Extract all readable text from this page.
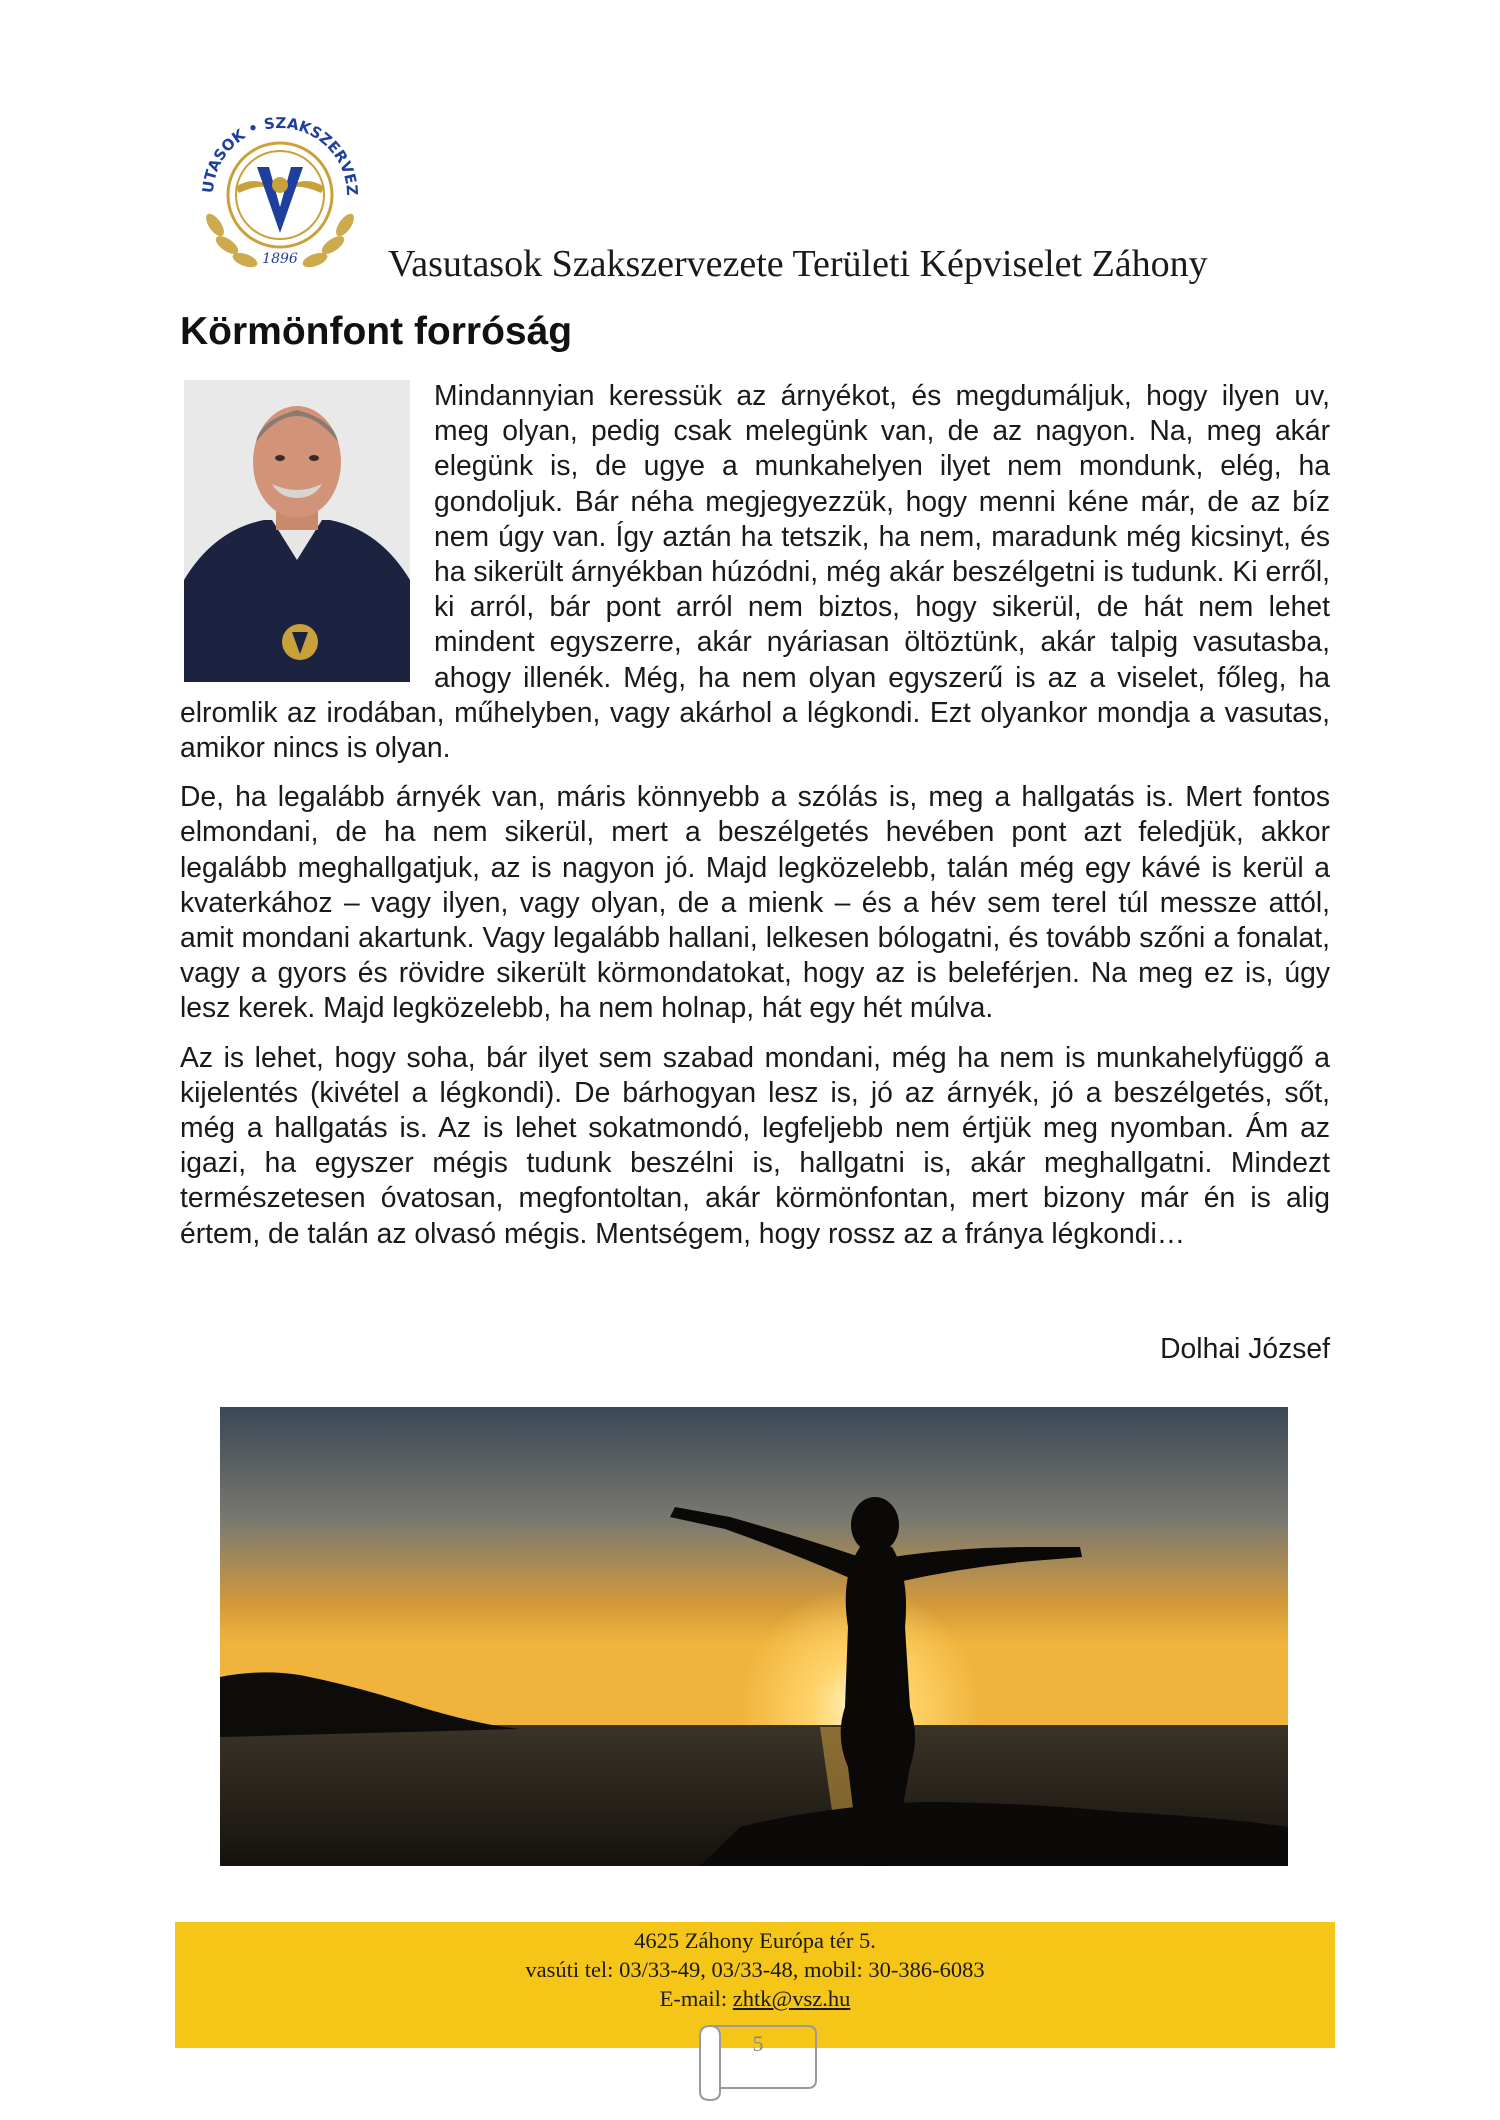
UTASOK • SZAKSZERVEZ
1896 Vasutasok Szakszervezete Területi Képviselet Záhony
Körmönfont forróság

Mindannyian keressük az árnyékot, és megdumáljuk, hogy ilyen uv, meg olyan, pedig csak melegünk van, de az nagyon. Na, meg akár elegünk is, de ugye a munkahelyen ilyet nem mondunk, elég, ha gondoljuk. Bár néha megjegyezzük, hogy menni kéne már, de az bíz nem úgy van. Így aztán ha tetszik, ha nem, maradunk még kicsinyt, és ha sikerült árnyékban húzódni, még akár beszélgetni is tudunk. Ki erről, ki arról, bár pont arról nem biztos, hogy sikerül, de hát nem lehet mindent egyszerre, akár nyáriasan öltöztünk, akár talpig vasutasba, ahogy illenék. Még, ha nem olyan egyszerű is az a viselet, főleg, ha elromlik az irodában, műhelyben, vagy akárhol a légkondi. Ezt olyankor mondja a vasutas, amikor nincs is olyan.

De, ha legalább árnyék van, máris könnyebb a szólás is, meg a hallgatás is. Mert fontos elmondani, de ha nem sikerül, mert a beszélgetés hevében pont azt feledjük, akkor legalább meghallgatjuk, az is nagyon jó. Majd legközelebb, talán még egy kávé is kerül a kvaterkához – vagy ilyen, vagy olyan, de a mienk – és a hév sem terel túl messze attól, amit mondani akartunk. Vagy legalább hallani, lelkesen bólogatni, és tovább szőni a fonalat, vagy a gyors és rövidre sikerült körmondatokat, hogy az is beleférjen. Na meg ez is, úgy lesz kerek. Majd legközelebb, ha nem holnap, hát egy hét múlva.

Az is lehet, hogy soha, bár ilyet sem szabad mondani, még ha nem is munkahelyfüggő a kijelentés (kivétel a légkondi). De bárhogyan lesz is, jó az árnyék, jó a beszélgetés, sőt, még a hallgatás is. Az is lehet sokatmondó, legfeljebb nem értjük meg nyomban. Ám az igazi, ha egyszer mégis tudunk beszélni is, hallgatni is, akár meghallgatni. Mindezt természetesen óvatosan, megfontoltan, akár körmönfontan, mert bizony már én is alig értem, de talán az olvasó mégis. Mentségem, hogy rossz az a fránya légkondi…

Dolhai József
4625 Záhony Európa tér 5.
vasúti tel: 03/33-49, 03/33-48, mobil: 30-386-6083
E-mail: zhtk@vsz.hu
5
